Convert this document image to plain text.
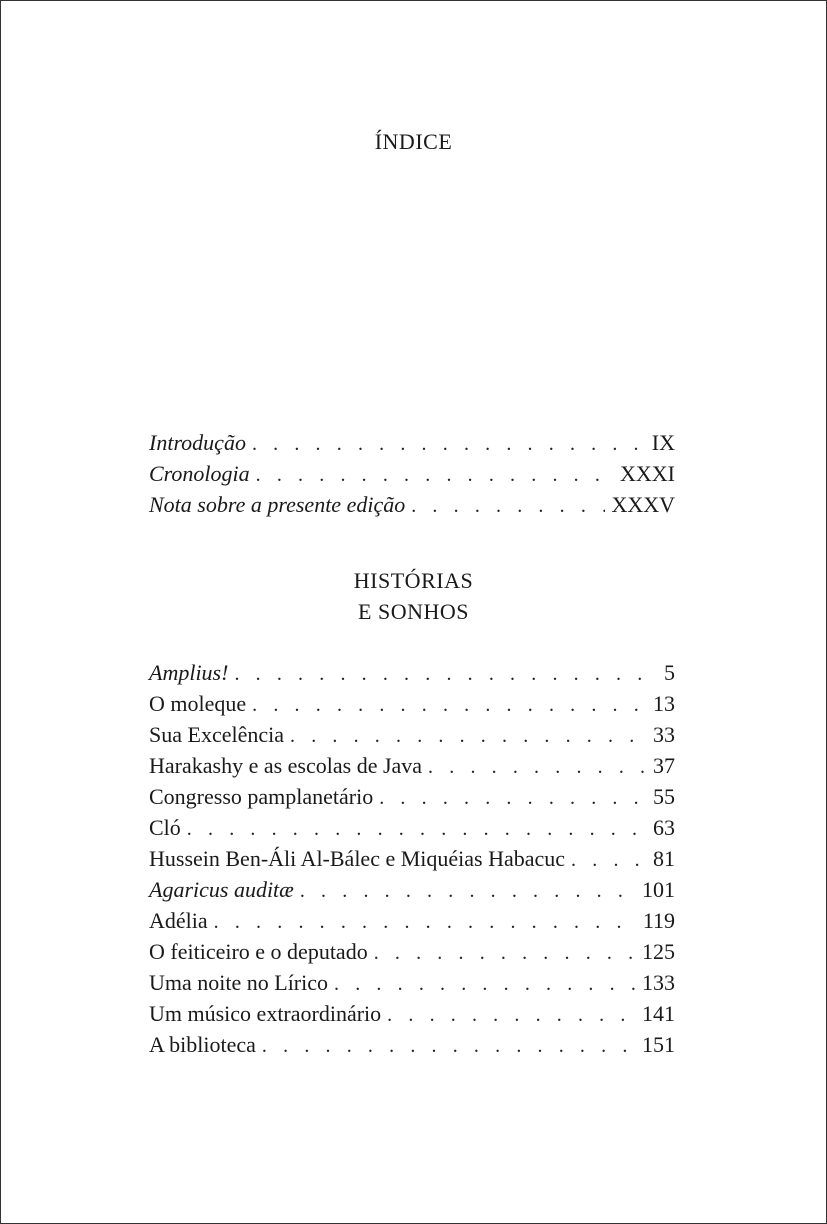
ÍNDICE
Introdução . . .	IX
Cronologia . . .	XXXI
Nota sobre a presente edição . . .	XXXV
HISTÓRIAS
E SONHOS
Amplius! . . .	5
O moleque . . .	13
Sua Excelência . . .	33
Harakashy e as escolas de Java . . .	37
Congresso pamplanetário . . .	55
Cló . . .	63
Hussein Ben-Áli Al-Bálec e Miquéias Habacuc . . .	81
Agaricus auditæ . . .	101
Adélia . . .	119
O feiticeiro e o deputado . . .	125
Uma noite no Lírico . . .	133
Um músico extraordinário . . .	141
A biblioteca . . .	151
